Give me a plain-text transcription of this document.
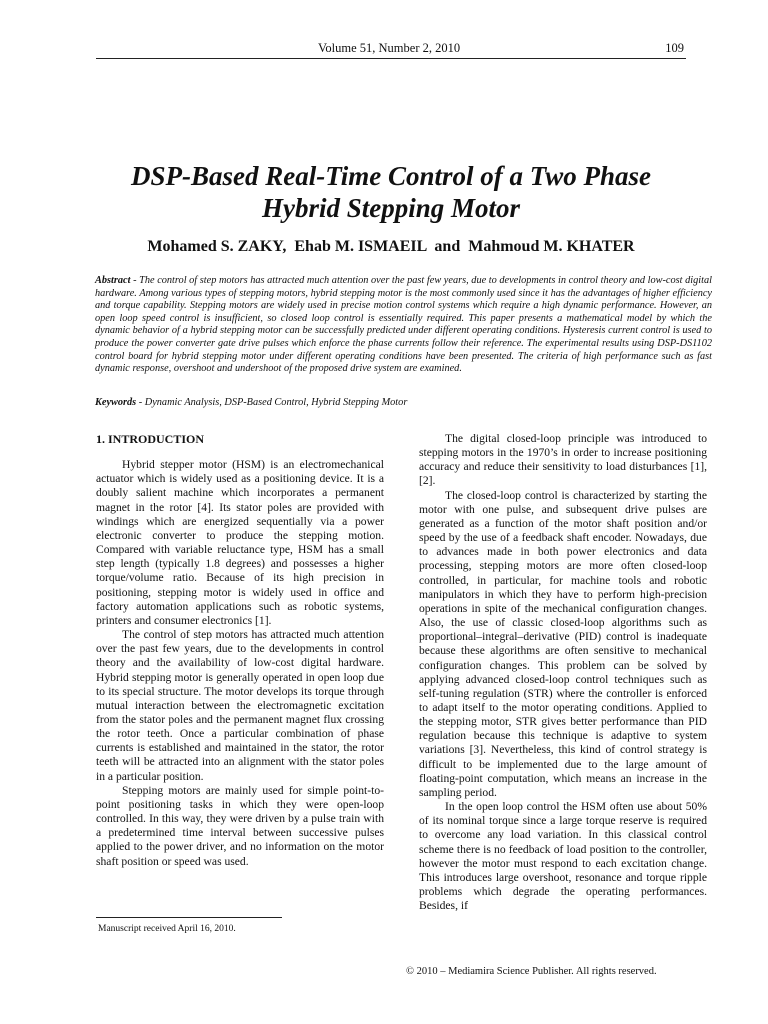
Volume 51, Number 2, 2010	109
DSP-Based Real-Time Control of a Two Phase Hybrid Stepping Motor
Mohamed S. ZAKY,  Ehab M. ISMAEIL  and  Mahmoud M. KHATER
Abstract - The control of step motors has attracted much attention over the past few years, due to developments in control theory and low-cost digital hardware. Among various types of stepping motors, hybrid stepping motor is the most commonly used since it has the advantages of higher efficiency and torque capability. Stepping motors are widely used in precise motion control systems which require a high dynamic performance. However, an open loop speed control is insufficient, so closed loop control is essentially required. This paper presents a mathematical model by which the dynamic behavior of a hybrid stepping motor can be successfully predicted under different operating conditions. Hysteresis current control is used to produce the power converter gate drive pulses which enforce the phase currents follow their reference. The experimental results using DSP-DS1102 control board for hybrid stepping motor under different operating conditions have been presented. The criteria of high performance such as fast dynamic response, overshoot and undershoot of the proposed drive system are examined.
Keywords - Dynamic Analysis, DSP-Based Control, Hybrid Stepping Motor
1. INTRODUCTION

Hybrid stepper motor (HSM) is an electromechanical actuator which is widely used as a positioning device. It is a doubly salient machine which incorporates a permanent magnet in the rotor [4]. Its stator poles are provided with windings which are energized sequentially via a power electronic converter to produce the stepping motion. Compared with variable reluctance type, HSM has a small step length (typically 1.8 degrees) and possesses a higher torque/volume ratio. Because of its high precision in positioning, stepping motor is widely used in office and factory automation applications such as robotic systems, printers and consumer electronics [1].

The control of step motors has attracted much attention over the past few years, due to the developments in control theory and the availability of low-cost digital hardware. Hybrid stepping motor is generally operated in open loop due to its special structure. The motor develops its torque through mutual interaction between the electromagnetic excitation from the stator poles and the permanent magnet flux crossing the rotor teeth. Once a particular combination of phase currents is established and maintained in the stator, the rotor teeth will be attracted into an alignment with the stator poles in a particular position.

Stepping motors are mainly used for simple point-to-point positioning tasks in which they were open-loop controlled. In this way, they were driven by a pulse train with a predetermined time interval between successive pulses applied to the power driver, and no information on the motor shaft position or speed was used.

The digital closed-loop principle was introduced to stepping motors in the 1970’s in order to increase positioning accuracy and reduce their sensitivity to load disturbances [1], [2].

The closed-loop control is characterized by starting the motor with one pulse, and subsequent drive pulses are generated as a function of the motor shaft position and/or speed by the use of a feedback shaft encoder. Nowadays, due to advances made in both power electronics and data processing, stepping motors are more often closed-loop controlled, in particular, for machine tools and robotic manipulators in which they have to perform high-precision operations in spite of the mechanical configuration changes. Also, the use of classic closed-loop algorithms such as proportional–integral–derivative (PID) control is inadequate because these algorithms are often sensitive to mechanical configuration changes. This problem can be solved by applying advanced closed-loop control techniques such as self-tuning regulation (STR) where the controller is enforced to adapt itself to the motor operating conditions. Applied to the stepping motor, STR gives better performance than PID regulation because this technique is adaptive to system variations [3]. Nevertheless, this kind of control strategy is difficult to be implemented due to the large amount of floating-point computation, which means an increase in the sampling period.

In the open loop control the HSM often use about 50% of its nominal torque since a large torque reserve is required to overcome any load variation. In this classical control scheme there is no feedback of load position to the controller, however the motor must respond to each excitation change. This introduces large overshoot, resonance and torque ripple problems which degrade the operating performances. Besides, if

Manuscript received April 16, 2010.
© 2010 – Mediamira Science Publisher. All rights reserved.
